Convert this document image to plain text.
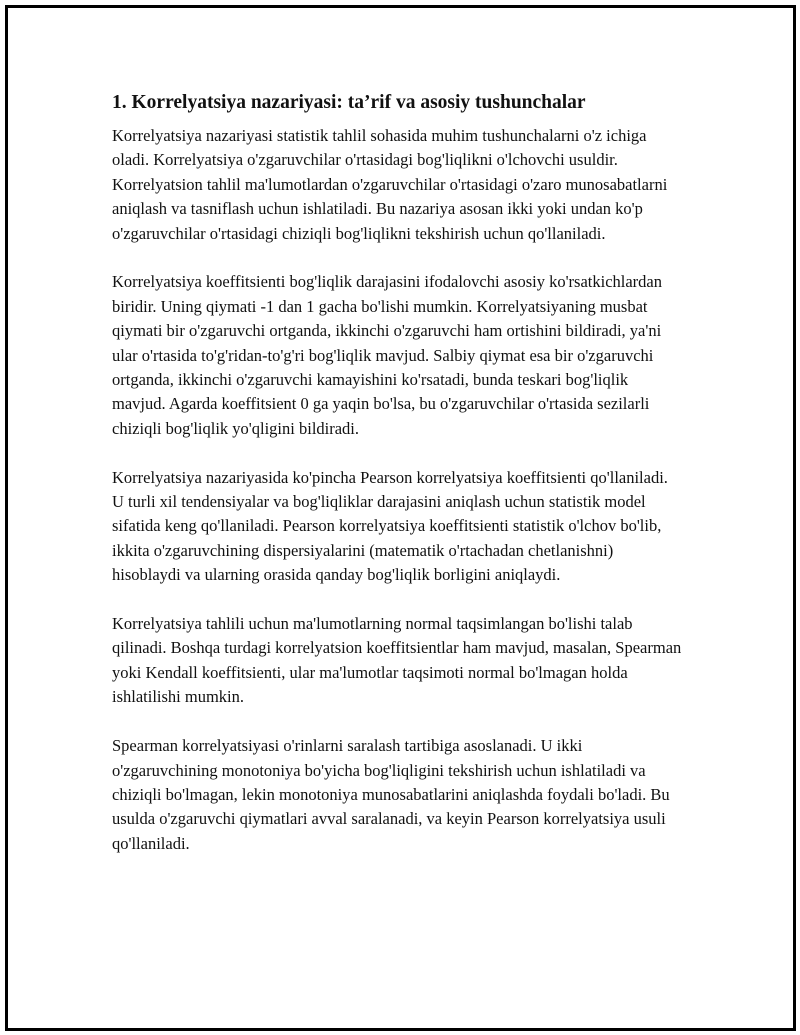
1. Korrelyatsiya nazariyasi: ta’rif va asosiy tushunchalar

Korrelyatsiya nazariyasi statistik tahlil sohasida muhim tushunchalarni o'z ichiga oladi. Korrelyatsiya o'zgaruvchilar o'rtasidagi bog'liqlikni o'lchovchi usuldir. Korrelyatsion tahlil ma'lumotlardan o'zgaruvchilar o'rtasidagi o'zaro munosabatlarni aniqlash va tasniflash uchun ishlatiladi. Bu nazariya asosan ikki yoki undan ko'p o'zgaruvchilar o'rtasidagi chiziqli bog'liqlikni tekshirish uchun qo'llaniladi.

Korrelyatsiya koeffitsienti bog'liqlik darajasini ifodalovchi asosiy ko'rsatkichlardan biridir. Uning qiymati -1 dan 1 gacha bo'lishi mumkin. Korrelyatsiyaning musbat qiymati bir o'zgaruvchi ortganda, ikkinchi o'zgaruvchi ham ortishini bildiradi, ya'ni ular o'rtasida to'g'ridan-to'g'ri bog'liqlik mavjud. Salbiy qiymat esa bir o'zgaruvchi ortganda, ikkinchi o'zgaruvchi kamayishini ko'rsatadi, bunda teskari bog'liqlik mavjud. Agarda koeffitsient 0 ga yaqin bo'lsa, bu o'zgaruvchilar o'rtasida sezilarli chiziqli bog'liqlik yo'qligini bildiradi.

Korrelyatsiya nazariyasida ko'pincha Pearson korrelyatsiya koeffitsienti qo'llaniladi. U turli xil tendensiyalar va bog'liqliklar darajasini aniqlash uchun statistik model sifatida keng qo'llaniladi. Pearson korrelyatsiya koeffitsienti statistik o'lchov bo'lib, ikkita o'zgaruvchining dispersiyalarini (matematik o'rtachadan chetlanishni) hisoblaydi va ularning orasida qanday bog'liqlik borligini aniqlaydi.

Korrelyatsiya tahlili uchun ma'lumotlarning normal taqsimlangan bo'lishi talab qilinadi. Boshqa turdagi korrelyatsion koeffitsientlar ham mavjud, masalan, Spearman yoki Kendall koeffitsienti, ular ma'lumotlar taqsimoti normal bo'lmagan holda ishlatilishi mumkin.

Spearman korrelyatsiyasi o'rinlarni saralash tartibiga asoslanadi. U ikki o'zgaruvchining monotoniya bo'yicha bog'liqligini tekshirish uchun ishlatiladi va chiziqli bo'lmagan, lekin monotoniya munosabatlarini aniqlashda foydali bo'ladi. Bu usulda o'zgaruvchi qiymatlari avval saralanadi, va keyin Pearson korrelyatsiya usuli qo'llaniladi.
